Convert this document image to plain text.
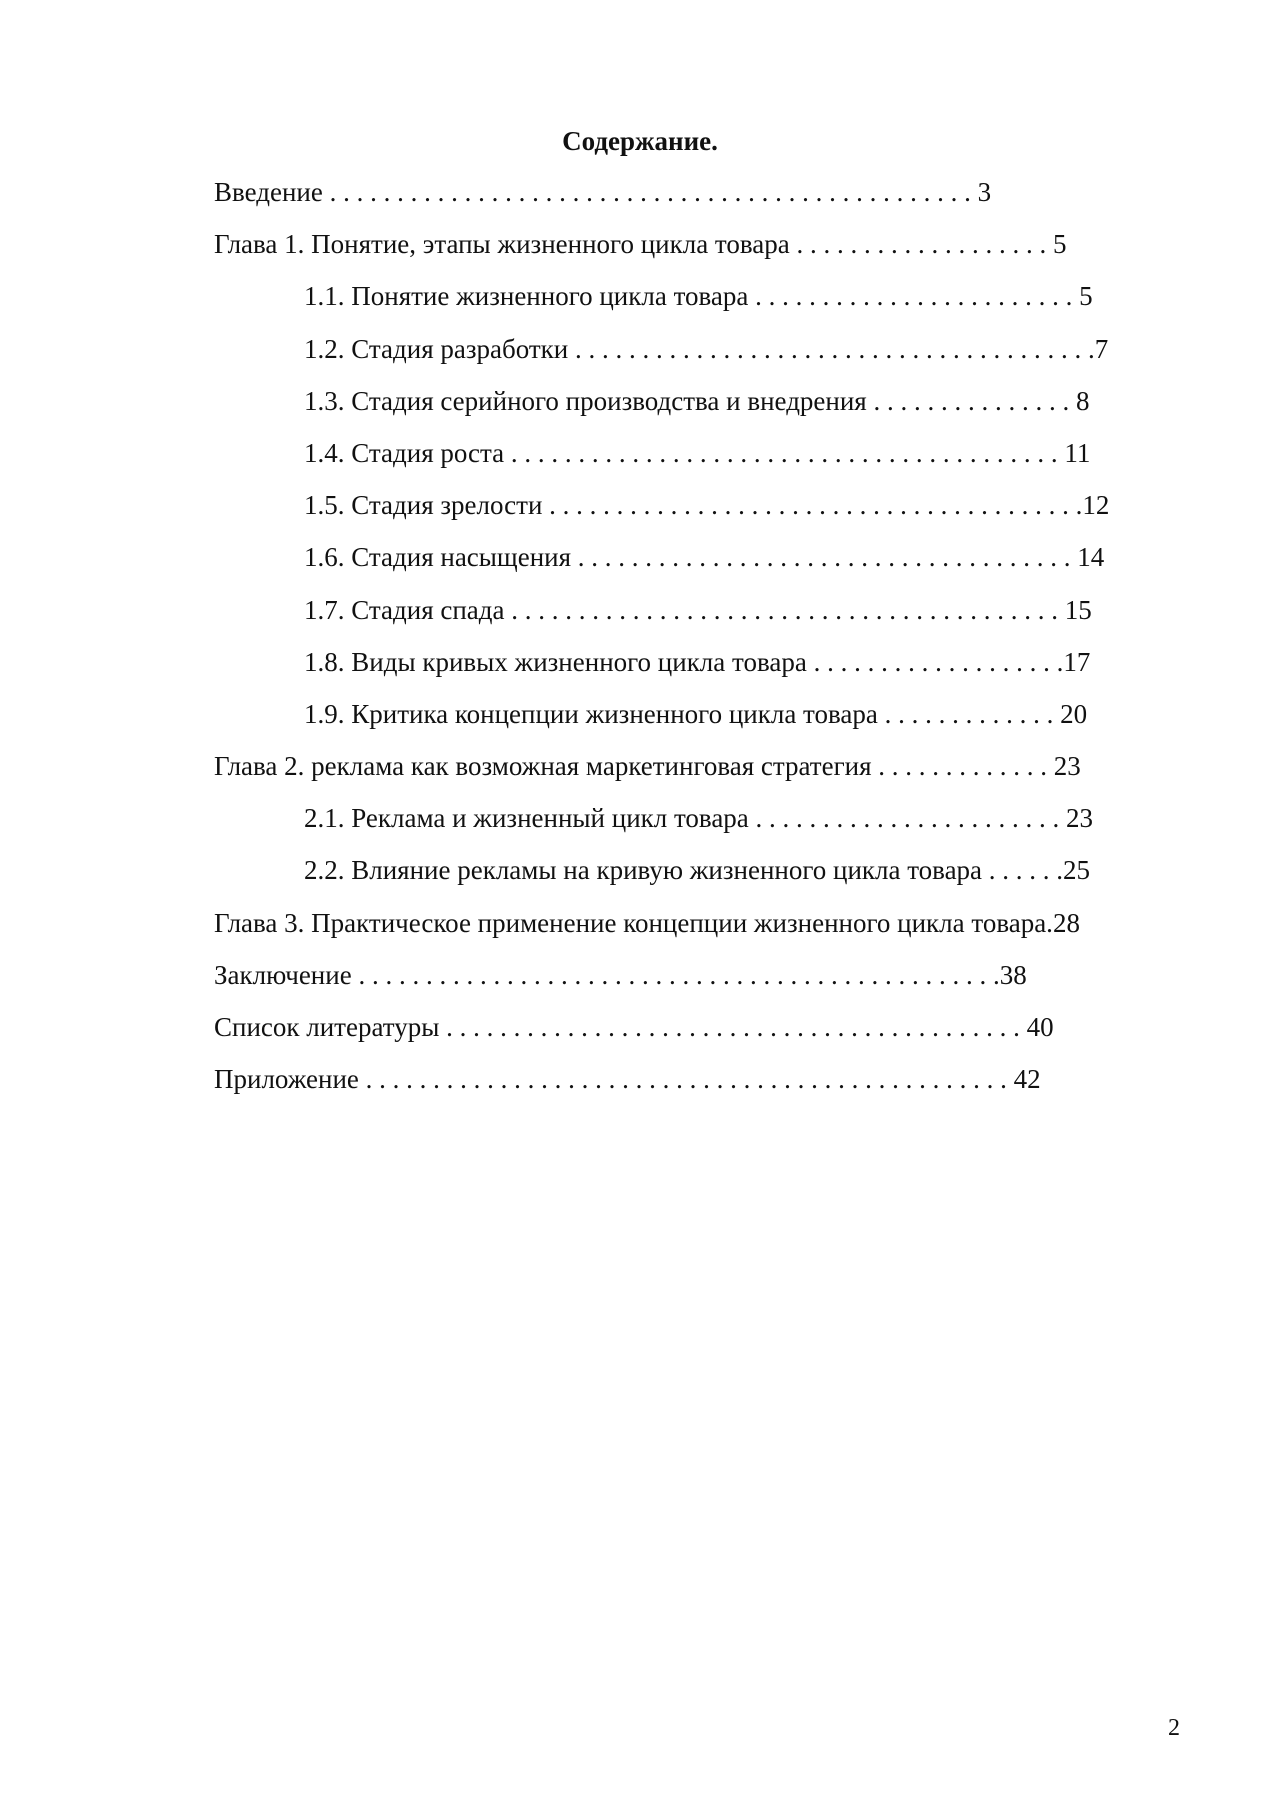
Содержание.
Введение . . . . . . . . . . . . . . . . . . . . . . . . . . . . . . . . . . . . . . . . . . . . . . . . 3
Глава 1. Понятие, этапы жизненного цикла товара . . . . . . . . . . . . . . . . . . . 5
1.1. Понятие жизненного цикла товара . . . . . . . . . . . . . . . . . . . . . . . . 5
1.2. Стадия разработки . . . . . . . . . . . . . . . . . . . . . . . . . . . . . . . . . . . . . . .7
1.3. Стадия серийного производства и внедрения . . . . . . . . . . . . . . . 8
1.4. Стадия роста . . . . . . . . . . . . . . . . . . . . . . . . . . . . . . . . . . . . . . . . . 11
1.5. Стадия зрелости . . . . . . . . . . . . . . . . . . . . . . . . . . . . . . . . . . . . . . . .12
1.6. Стадия насыщения . . . . . . . . . . . . . . . . . . . . . . . . . . . . . . . . . . . . . 14
1.7. Стадия спада . . . . . . . . . . . . . . . . . . . . . . . . . . . . . . . . . . . . . . . . . 15
1.8. Виды кривых жизненного цикла товара . . . . . . . . . . . . . . . . . . .17
1.9. Критика концепции жизненного цикла товара . . . . . . . . . . . . . 20
Глава 2. реклама как возможная маркетинговая стратегия . . . . . . . . . . . . . 23
2.1. Реклама и жизненный цикл товара . . . . . . . . . . . . . . . . . . . . . . . 23
2.2. Влияние рекламы на кривую жизненного цикла товара . . . . . .25
Глава 3. Практическое применение концепции жизненного цикла товара.28
Заключение . . . . . . . . . . . . . . . . . . . . . . . . . . . . . . . . . . . . . . . . . . . . . . . .38
Список литературы . . . . . . . . . . . . . . . . . . . . . . . . . . . . . . . . . . . . . . . . . . . 40
Приложение . . . . . . . . . . . . . . . . . . . . . . . . . . . . . . . . . . . . . . . . . . . . . . . . 42
2
